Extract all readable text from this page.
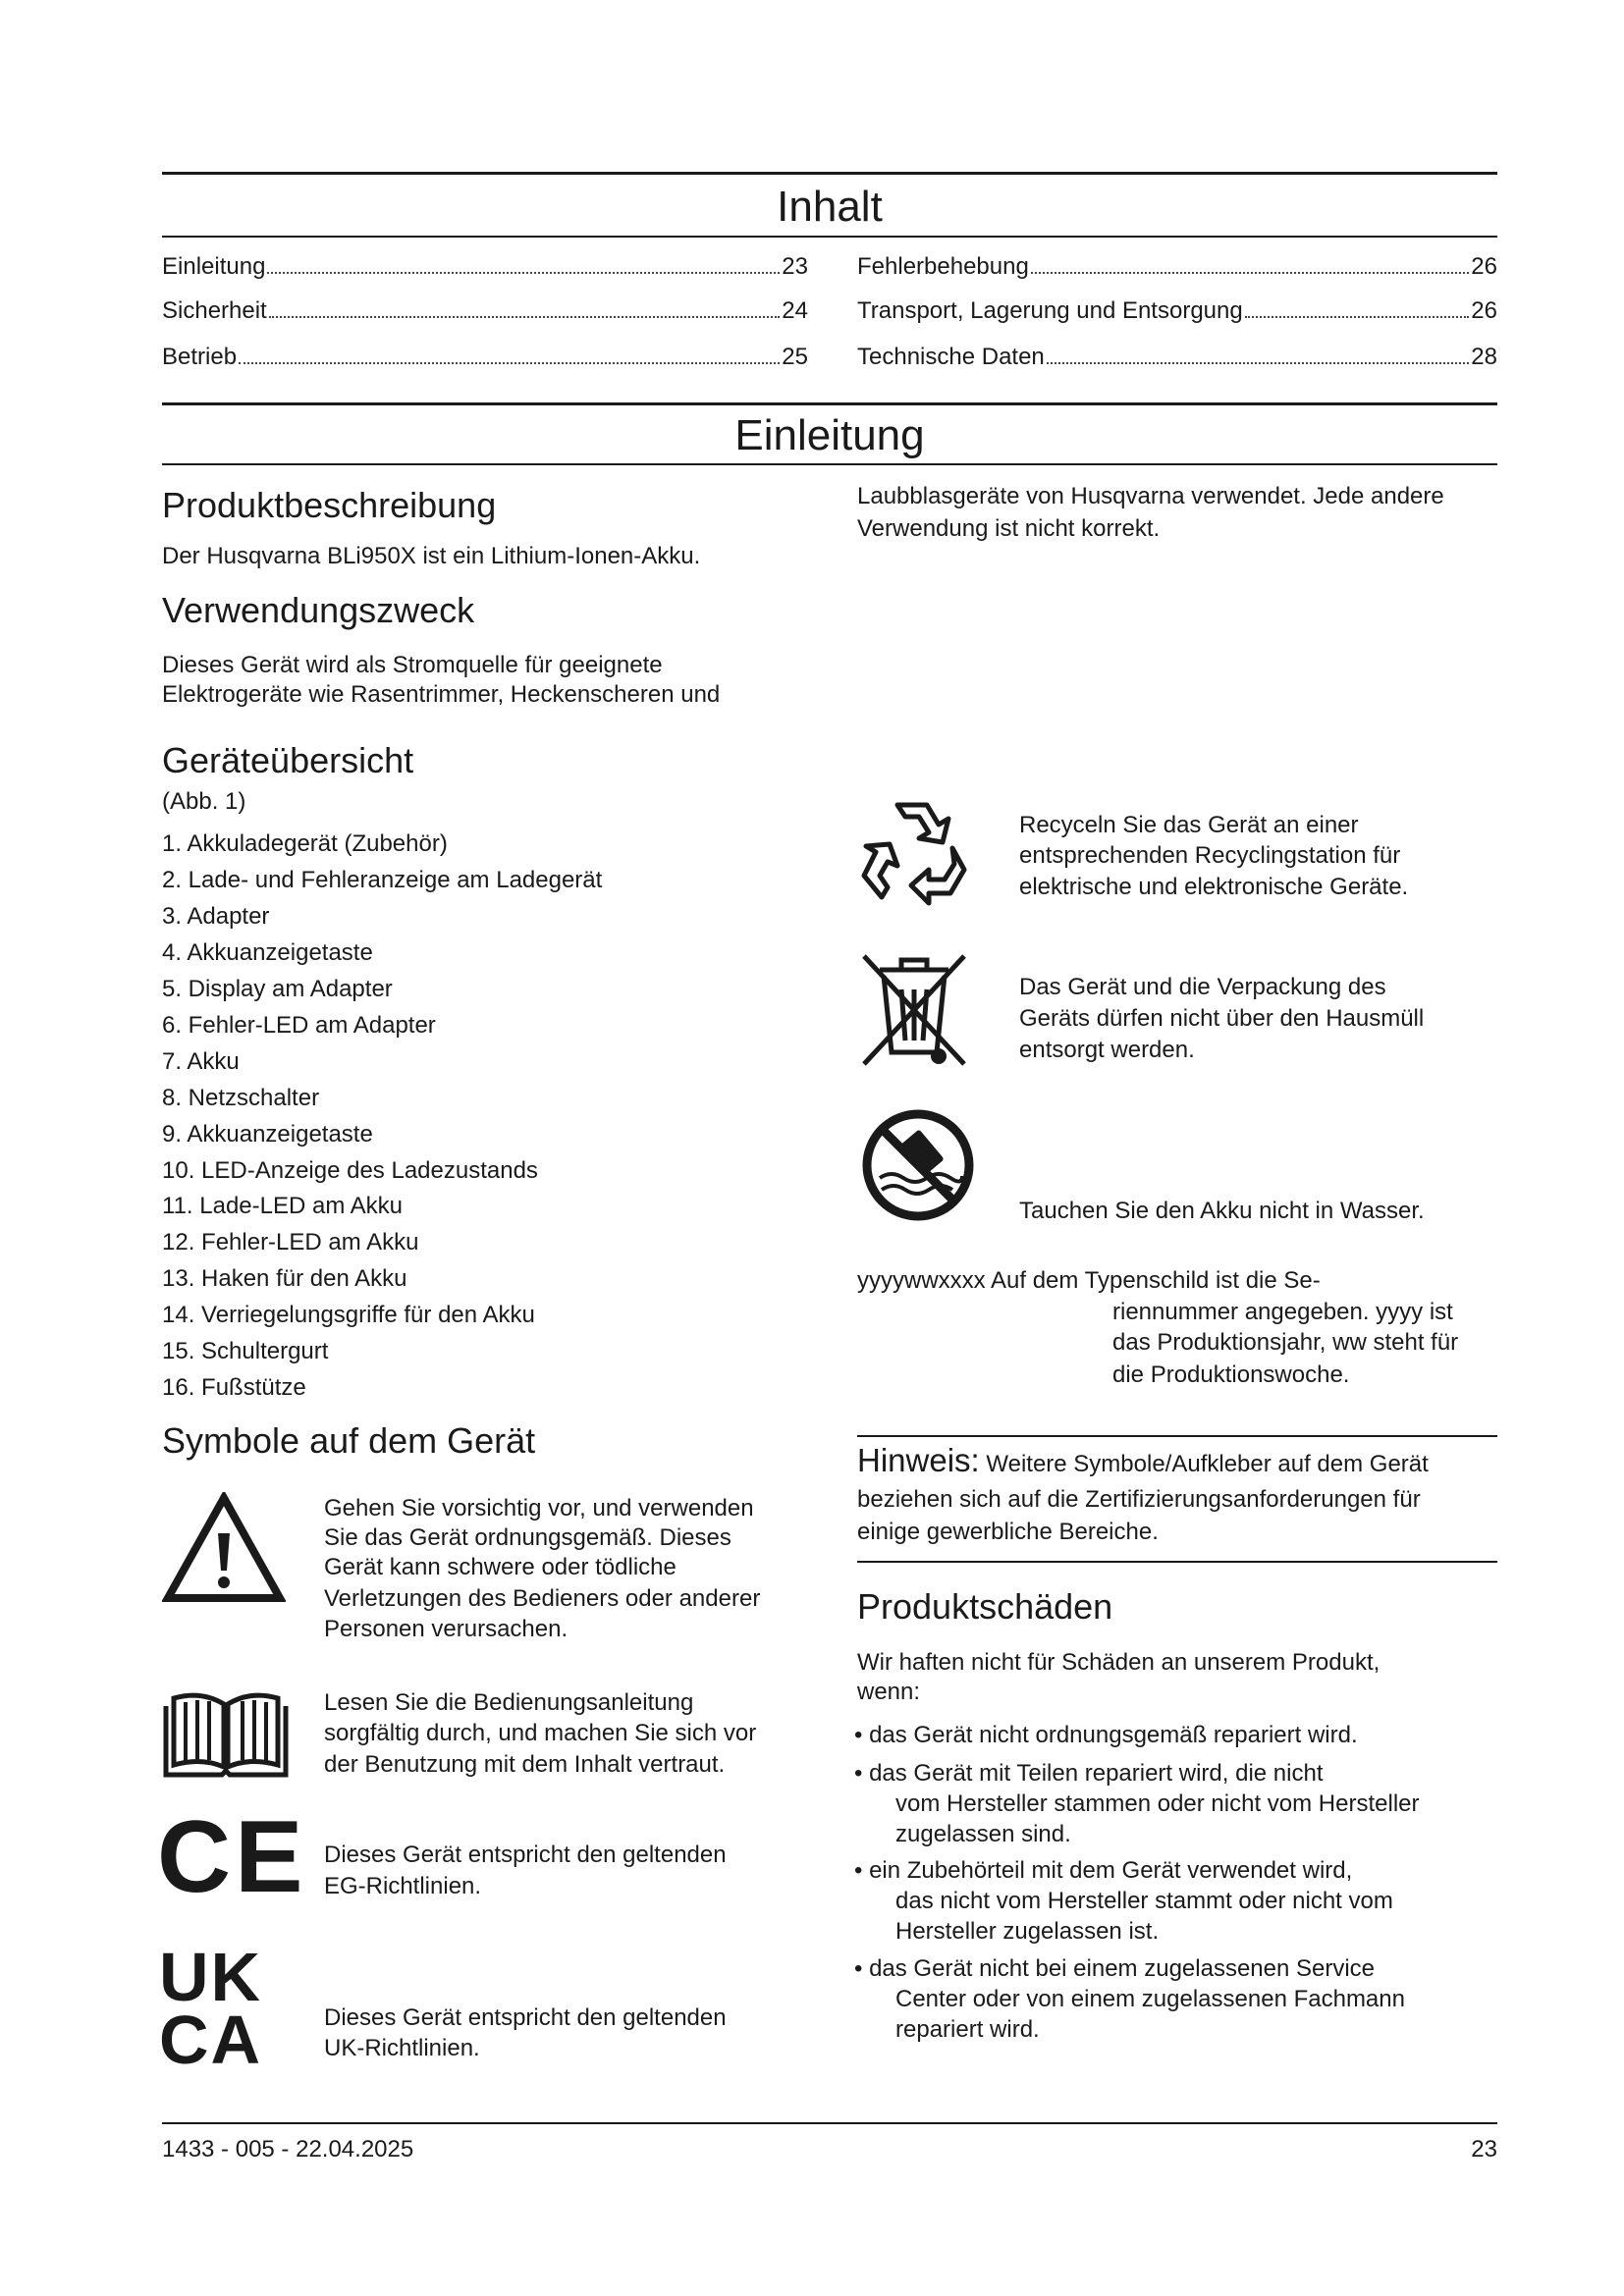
Inhalt
Einleitung	23
Sicherheit	24
Betrieb	25
Fehlerbehebung	26
Transport, Lagerung und Entsorgung	26
Technische Daten	28
Einleitung
Produktbeschreibung
Der Husqvarna BLi950X ist ein Lithium-Ionen-Akku.
Verwendungszweck
Dieses Gerät wird als Stromquelle für geeignete
Elektrogeräte wie Rasentrimmer, Heckenscheren und
Geräteübersicht
(Abb. 1)
1. Akkuladegerät (Zubehör)
2. Lade- und Fehleranzeige am Ladegerät
3. Adapter
4. Akkuanzeigetaste
5. Display am Adapter
6. Fehler-LED am Adapter
7. Akku
8. Netzschalter
9. Akkuanzeigetaste
10. LED-Anzeige des Ladezustands
11. Lade-LED am Akku
12. Fehler-LED am Akku
13. Haken für den Akku
14. Verriegelungsgriffe für den Akku
15. Schultergurt
16. Fußstütze
Symbole auf dem Gerät
Gehen Sie vorsichtig vor, und verwenden
Sie das Gerät ordnungsgemäß. Dieses
Gerät kann schwere oder tödliche
Verletzungen des Bedieners oder anderer
Personen verursachen.
Lesen Sie die Bedienungsanleitung
sorgfältig durch, und machen Sie sich vor
der Benutzung mit dem Inhalt vertraut.
CE Dieses Gerät entspricht den geltenden
EG-Richtlinien.
UK
CA	Dieses Gerät entspricht den geltenden
UK-Richtlinien.
Laubblasgeräte von Husqvarna verwendet. Jede andere
Verwendung ist nicht korrekt.
Recyceln Sie das Gerät an einer
entsprechenden Recyclingstation für
elektrische und elektronische Geräte.
Das Gerät und die Verpackung des
Geräts dürfen nicht über den Hausmüll
entsorgt werden.
Tauchen Sie den Akku nicht in Wasser.
yyyywwxxxx Auf dem Typenschild ist die Se-
riennummer angegeben. yyyy ist
das Produktionsjahr, ww steht für
die Produktionswoche.
Hinweis: Weitere Symbole/Aufkleber auf dem Gerät
beziehen sich auf die Zertifizierungsanforderungen für
einige gewerbliche Bereiche.
Produktschäden
Wir haften nicht für Schäden an unserem Produkt,
wenn:
• das Gerät nicht ordnungsgemäß repariert wird.
• das Gerät mit Teilen repariert wird, die nicht
vom Hersteller stammen oder nicht vom Hersteller
zugelassen sind.
• ein Zubehörteil mit dem Gerät verwendet wird,
das nicht vom Hersteller stammt oder nicht vom
Hersteller zugelassen ist.
• das Gerät nicht bei einem zugelassenen Service
Center oder von einem zugelassenen Fachmann
repariert wird.
1433 - 005 - 22.04.2025	23
